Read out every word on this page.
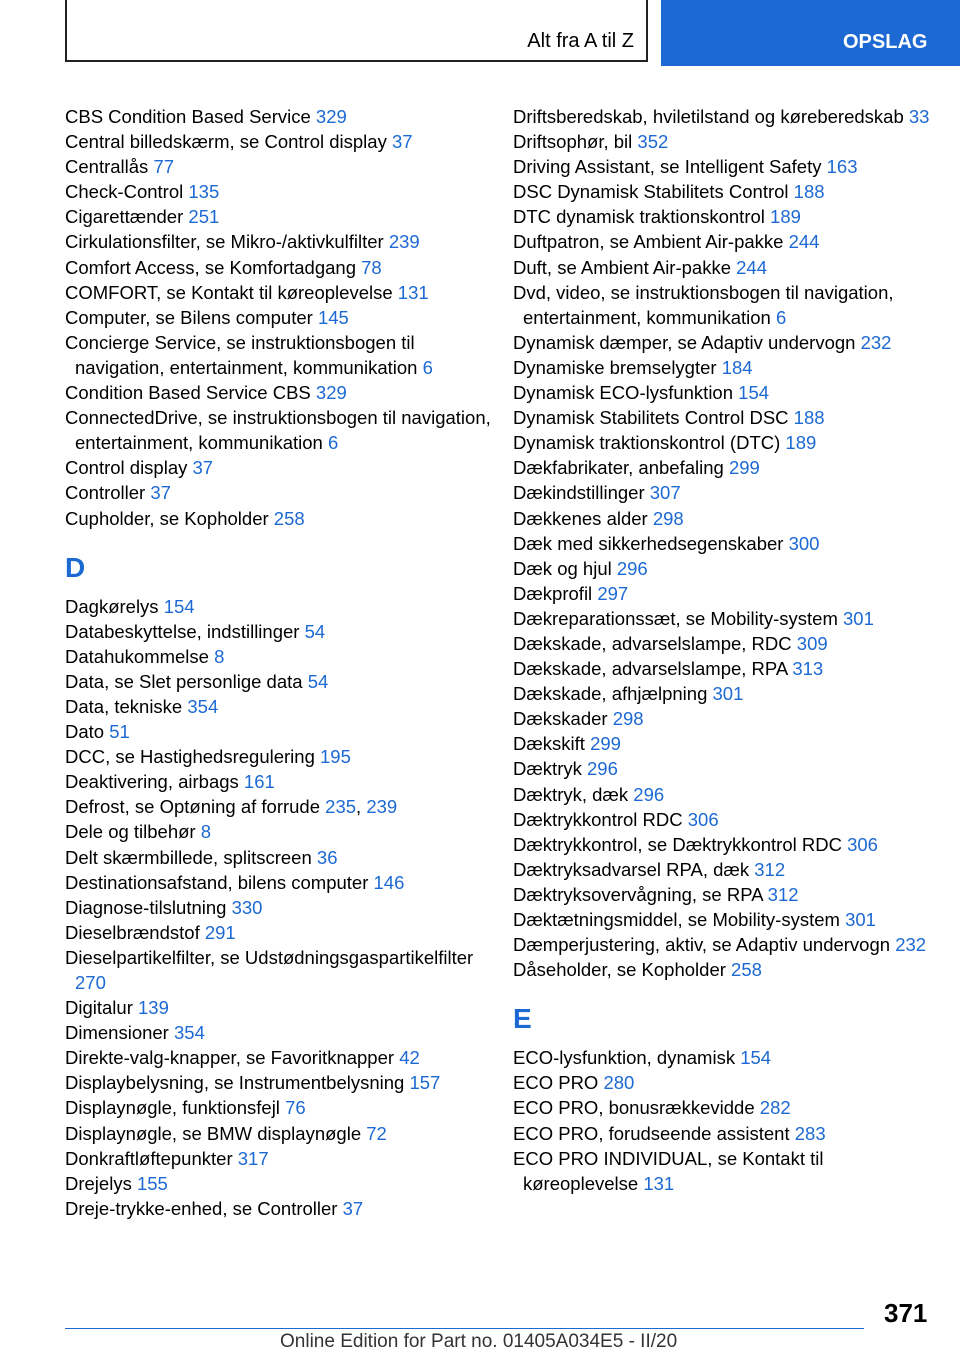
Alt fra A til Z	OPSLAG
CBS Condition Based Service 329
Central billedskærm, se Control display 37
Centrallås 77
Check-Control 135
Cigarettænder 251
Cirkulationsfilter, se Mikro-/aktivkulfilter 239
Comfort Access, se Komfortadgang 78
COMFORT, se Kontakt til køreoplevelse 131
Computer, se Bilens computer 145
Concierge Service, se instruktionsbogen til navigation, entertainment, kommunikation 6
Condition Based Service CBS 329
ConnectedDrive, se instruktionsbogen til navigation, entertainment, kommunikation 6
Control display 37
Controller 37
Cupholder, se Kopholder 258
D
Dagkørelys 154
Databeskyttelse, indstillinger 54
Datahukommelse 8
Data, se Slet personlige data 54
Data, tekniske 354
Dato 51
DCC, se Hastighedsregulering 195
Deaktivering, airbags 161
Defrost, se Optøning af forrude 235, 239
Dele og tilbehør 8
Delt skærmbillede, splitscreen 36
Destinationsafstand, bilens computer 146
Diagnose-tilslutning 330
Dieselbrændstof 291
Dieselpartikelfilter, se Udstødningsgaspartikelfilter 270
Digitalur 139
Dimensioner 354
Direkte-valg-knapper, se Favoritknapper 42
Displaybelysning, se Instrumentbelysning 157
Displaynøgle, funktionsfejl 76
Displaynøgle, se BMW displaynøgle 72
Donkraftløftepunkter 317
Drejelys 155
Dreje-trykke-enhed, se Controller 37
Driftsberedskab, hviletilstand og køreberedskab 33
Driftsophør, bil 352
Driving Assistant, se Intelligent Safety 163
DSC Dynamisk Stabilitets Control 188
DTC dynamisk traktionskontrol 189
Duftpatron, se Ambient Air-pakke 244
Duft, se Ambient Air-pakke 244
Dvd, video, se instruktionsbogen til navigation, entertainment, kommunikation 6
Dynamisk dæmper, se Adaptiv undervogn 232
Dynamiske bremselygter 184
Dynamisk ECO-lysfunktion 154
Dynamisk Stabilitets Control DSC 188
Dynamisk traktionskontrol (DTC) 189
Dækfabrikater, anbefaling 299
Dækindstillinger 307
Dækkenes alder 298
Dæk med sikkerhedsegenskaber 300
Dæk og hjul 296
Dækprofil 297
Dækreparationssæt, se Mobility-system 301
Dækskade, advarselslampe, RDC 309
Dækskade, advarselslampe, RPA 313
Dækskade, afhjælpning 301
Dækskader 298
Dækskift 299
Dæktryk 296
Dæktryk, dæk 296
Dæktrykkontrol RDC 306
Dæktrykkontrol, se Dæktrykkontrol RDC 306
Dæktryksadvarsel RPA, dæk 312
Dæktryksovervågning, se RPA 312
Dæktætningsmiddel, se Mobility-system 301
Dæmperjustering, aktiv, se Adaptiv undervogn 232
Dåseholder, se Kopholder 258
E
ECO-lysfunktion, dynamisk 154
ECO PRO 280
ECO PRO, bonusrækkevidde 282
ECO PRO, forudseende assistent 283
ECO PRO INDIVIDUAL, se Kontakt til køreoplevelse 131
371
Online Edition for Part no. 01405A034E5 - II/20
